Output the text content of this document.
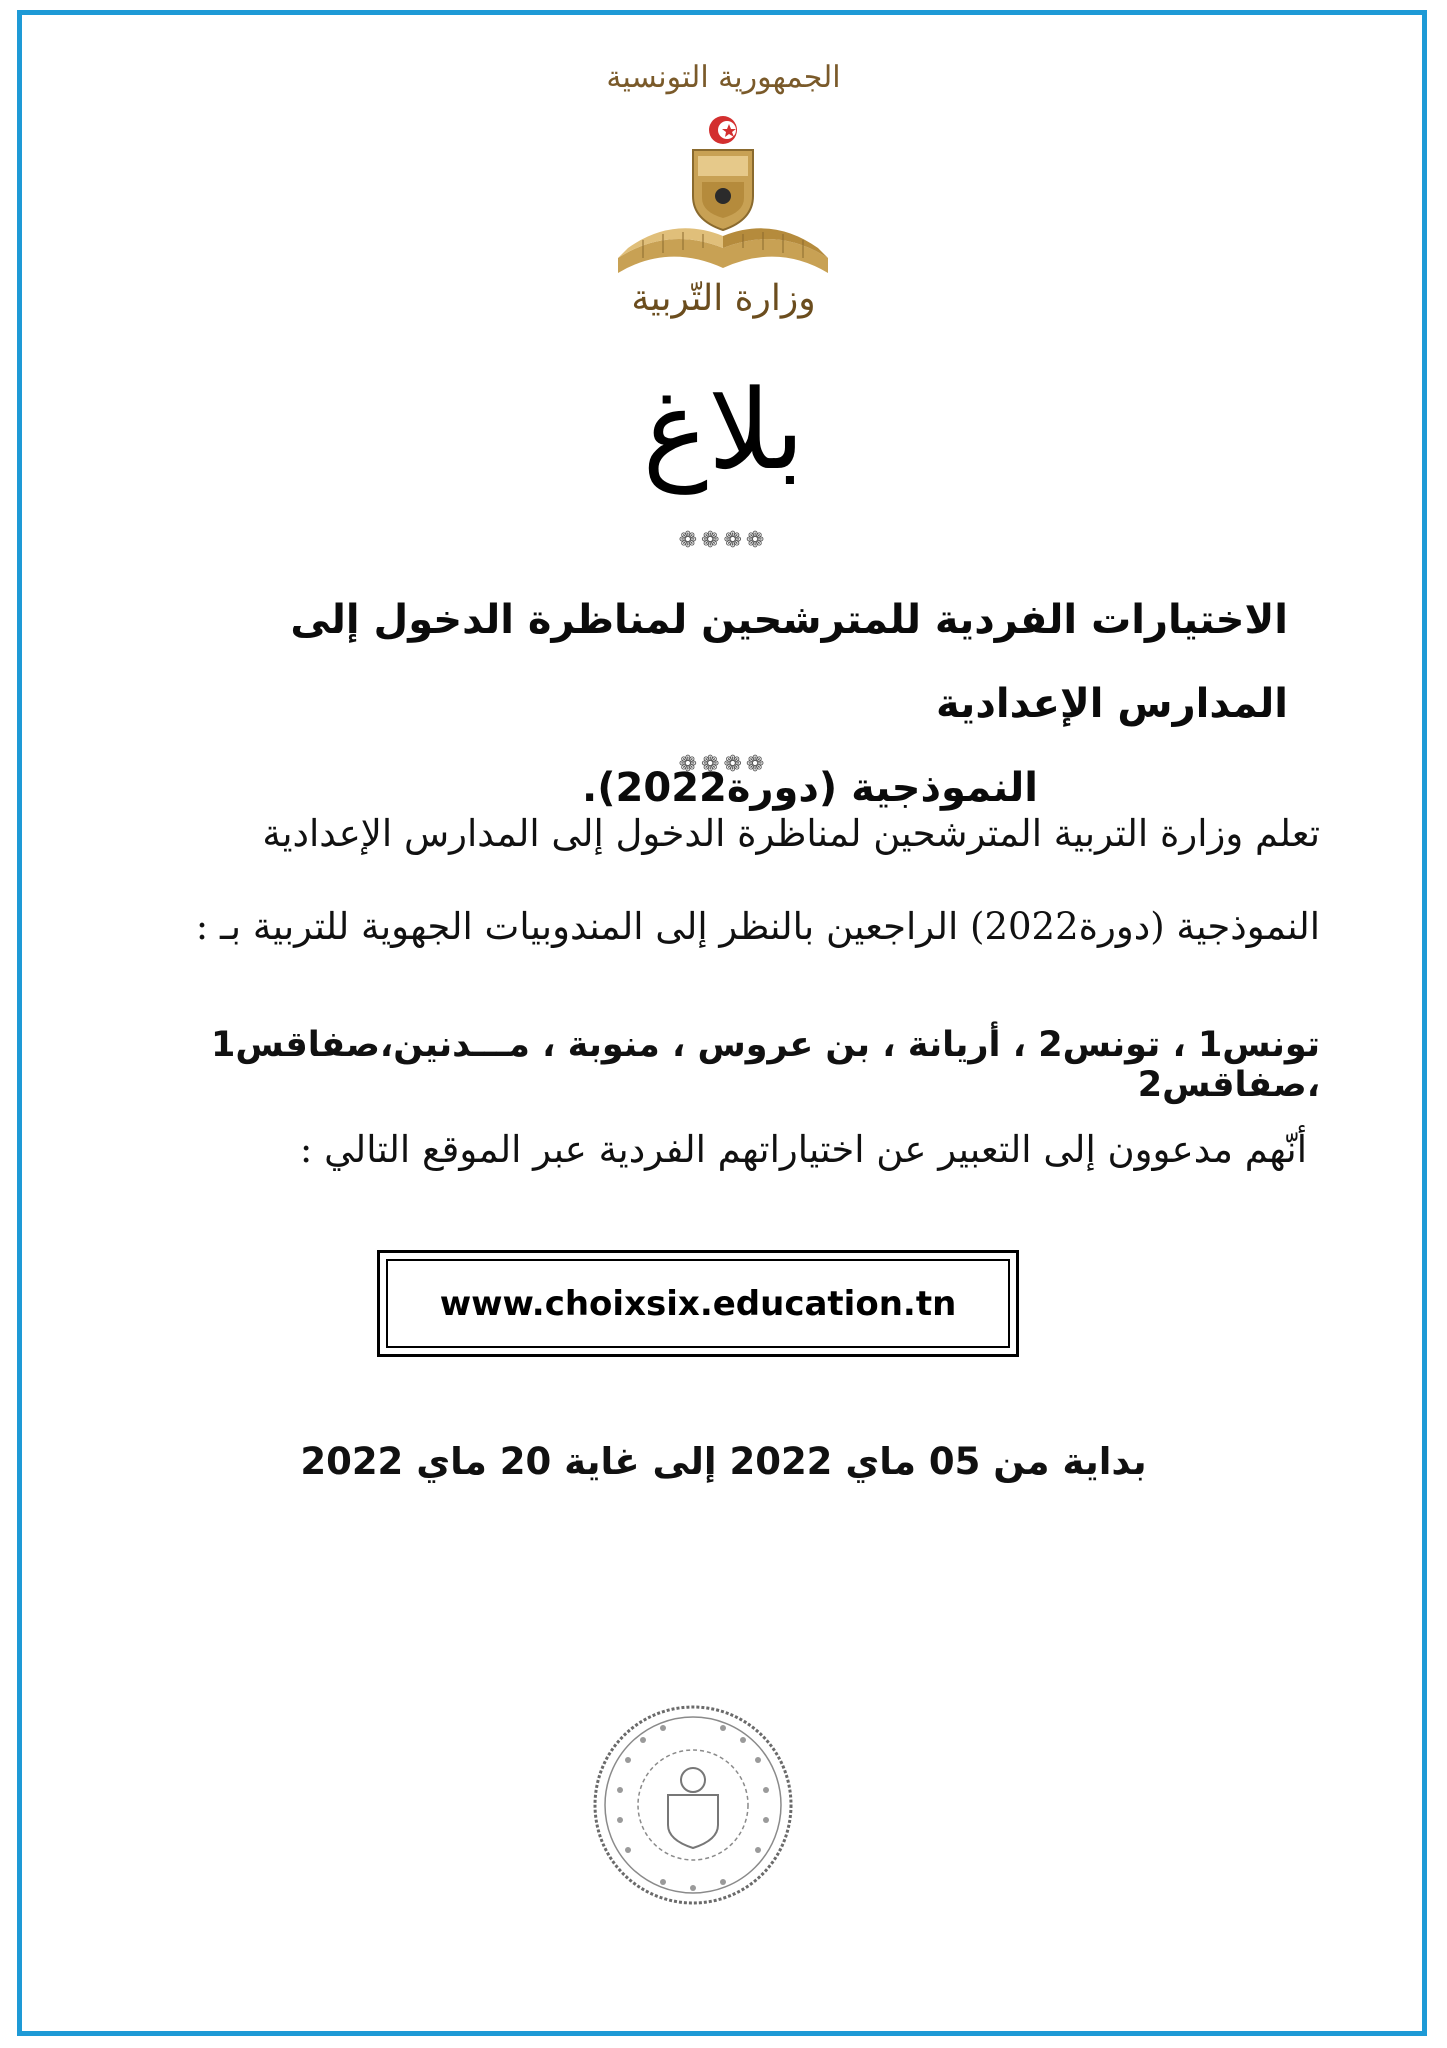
الجمهورية التونسية
وزارة التّربية
بلاغ
❁❁❁❁
الاختيارات الفردية للمترشحين لمناظرة الدخول إلى المدارس الإعدادية
النموذجية (دورة2022).
❁❁❁❁
تعلم وزارة التربية المترشحين لمناظرة الدخول إلى المدارس الإعدادية
النموذجية (دورة2022) الراجعين بالنظر إلى المندوبيات الجهوية للتربية بـ :
تونس1 ، تونس2 ، أريانة ، بن عروس ، منوبة ، مـــدنين،صفاقس1 ،صفاقس2
أنّهم مدعوون إلى التعبير عن اختياراتهم الفردية عبر الموقع التالي :
www.choixsix.education.tn
بداية من 05 ماي 2022 إلى غاية 20 ماي 2022
